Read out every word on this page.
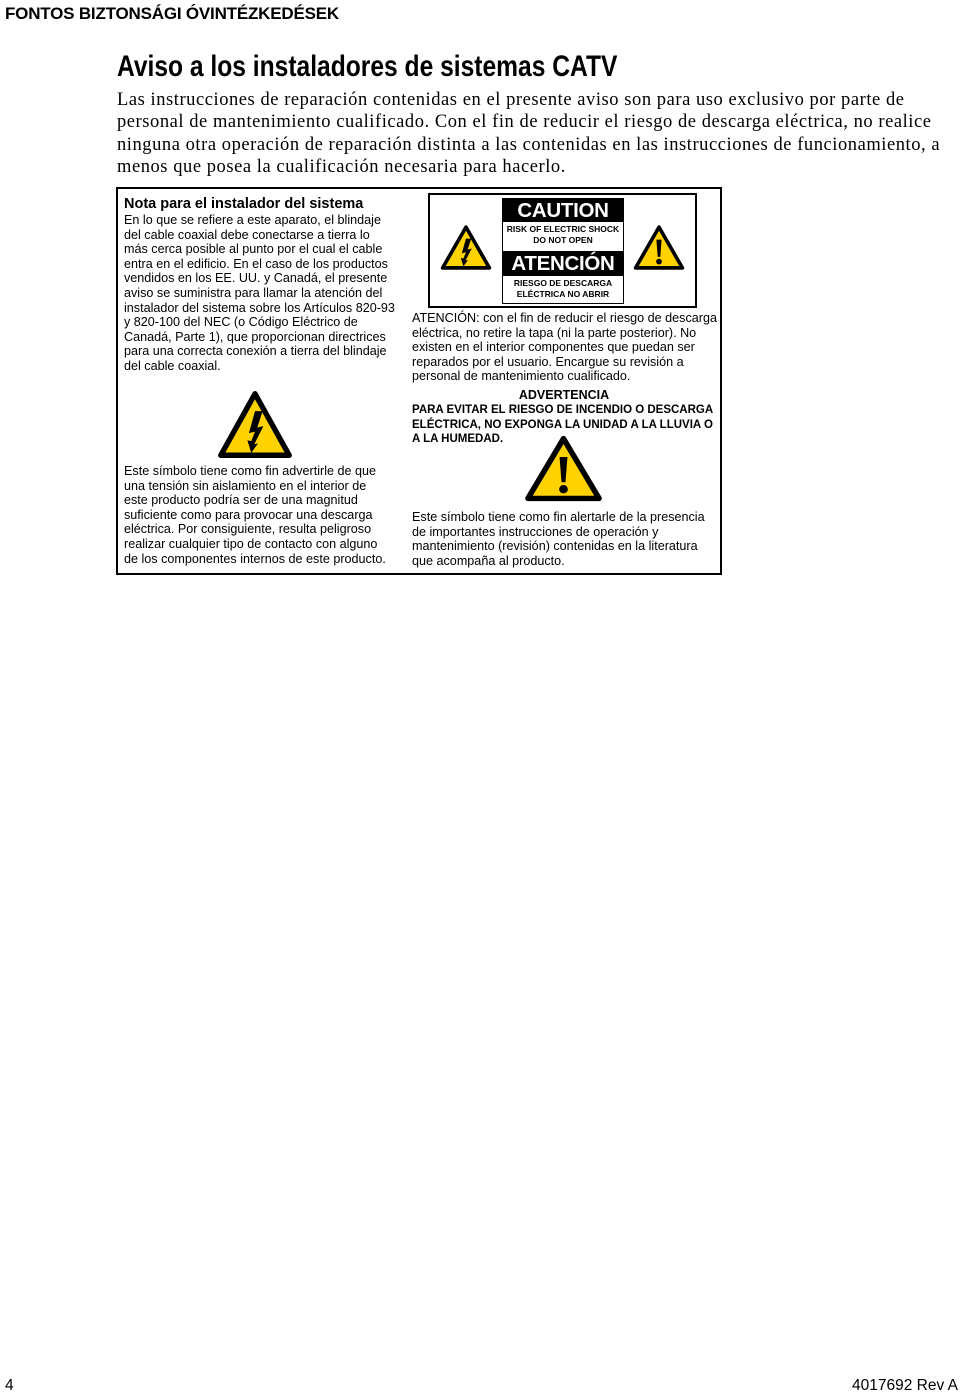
FONTOS BIZTONSÁGI ÓVINTÉZKEDÉSEK
Aviso a los instaladores de sistemas CATV

Las instrucciones de reparación contenidas en el presente aviso son para uso exclusivo por parte de
personal de mantenimiento cualificado. Con el fin de reducir el riesgo de descarga eléctrica, no realice
ninguna otra operación de reparación distinta a las contenidas en las instrucciones de funcionamiento, a
menos que posea la cualificación necesaria para hacerlo.

Nota para el instalador del sistema
En lo que se refiere a este aparato, el blindaje
del cable coaxial debe conectarse a tierra lo
más cerca posible al punto por el cual el cable
entra en el edificio. En el caso de los productos
vendidos en los EE. UU. y Canadá, el presente
aviso se suministra para llamar la atención del
instalador del sistema sobre los Artículos 820-93
y 820-100 del NEC (o Código Eléctrico de
Canadá, Parte 1), que proporcionan directrices
para una correcta conexión a tierra del blindaje
del cable coaxial.
Este símbolo tiene como fin advertirle de que
una tensión sin aislamiento en el interior de
este producto podría ser de una magnitud
suficiente como para provocar una descarga
eléctrica. Por consiguiente, resulta peligroso
realizar cualquier tipo de contacto con alguno
de los componentes internos de este producto.
CAUTION
RISK OF ELECTRIC SHOCK
DO NOT OPEN
ATENCIÓN
RIESGO DE DESCARGA
ELÉCTRICA NO ABRIR
ATENCIÓN: con el fin de reducir el riesgo de descarga
eléctrica, no retire la tapa (ni la parte posterior). No
existen en el interior componentes que puedan ser
reparados por el usuario. Encargue su revisión a
personal de mantenimiento cualificado.
ADVERTENCIA
PARA EVITAR EL RIESGO DE INCENDIO O DESCARGA
ELÉCTRICA, NO EXPONGA LA UNIDAD A LA LLUVIA O
A LA HUMEDAD.
Este símbolo tiene como fin alertarle de la presencia
de importantes instrucciones de operación y
mantenimiento (revisión) contenidas en la literatura
que acompaña al producto.
4	4017692 Rev A
